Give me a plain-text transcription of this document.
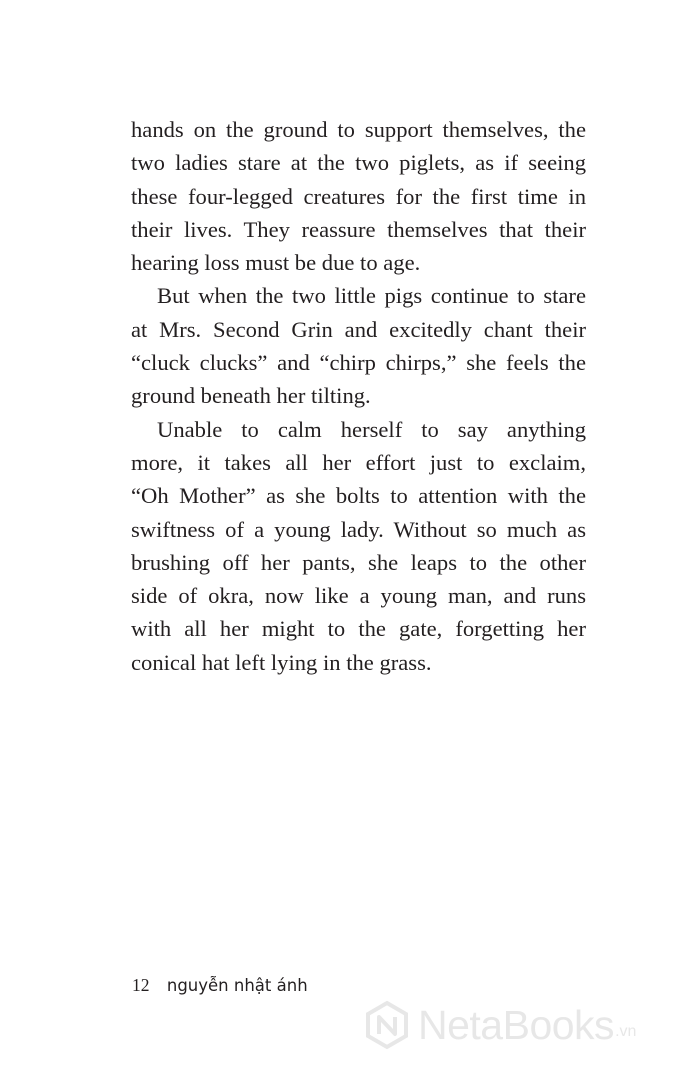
hands on the ground to support themselves, the
two ladies stare at the two piglets, as if seeing
these four-legged creatures for the first time in
their lives. They reassure themselves that their
hearing loss must be due to age.
But when the two little pigs continue to stare
at Mrs. Second Grin and excitedly chant their
“cluck clucks” and “chirp chirps,” she feels the
ground beneath her tilting.
Unable to calm herself to say anything
more, it takes all her effort just to exclaim,
“Oh Mother” as she bolts to attention with the
swiftness of a young lady. Without so much as
brushing off her pants, she leaps to the other
side of okra, now like a young man, and runs
with all her might to the gate, forgetting her
conical hat left lying in the grass.
12 nguyễn nhật ánh
NetaBooks .vn
